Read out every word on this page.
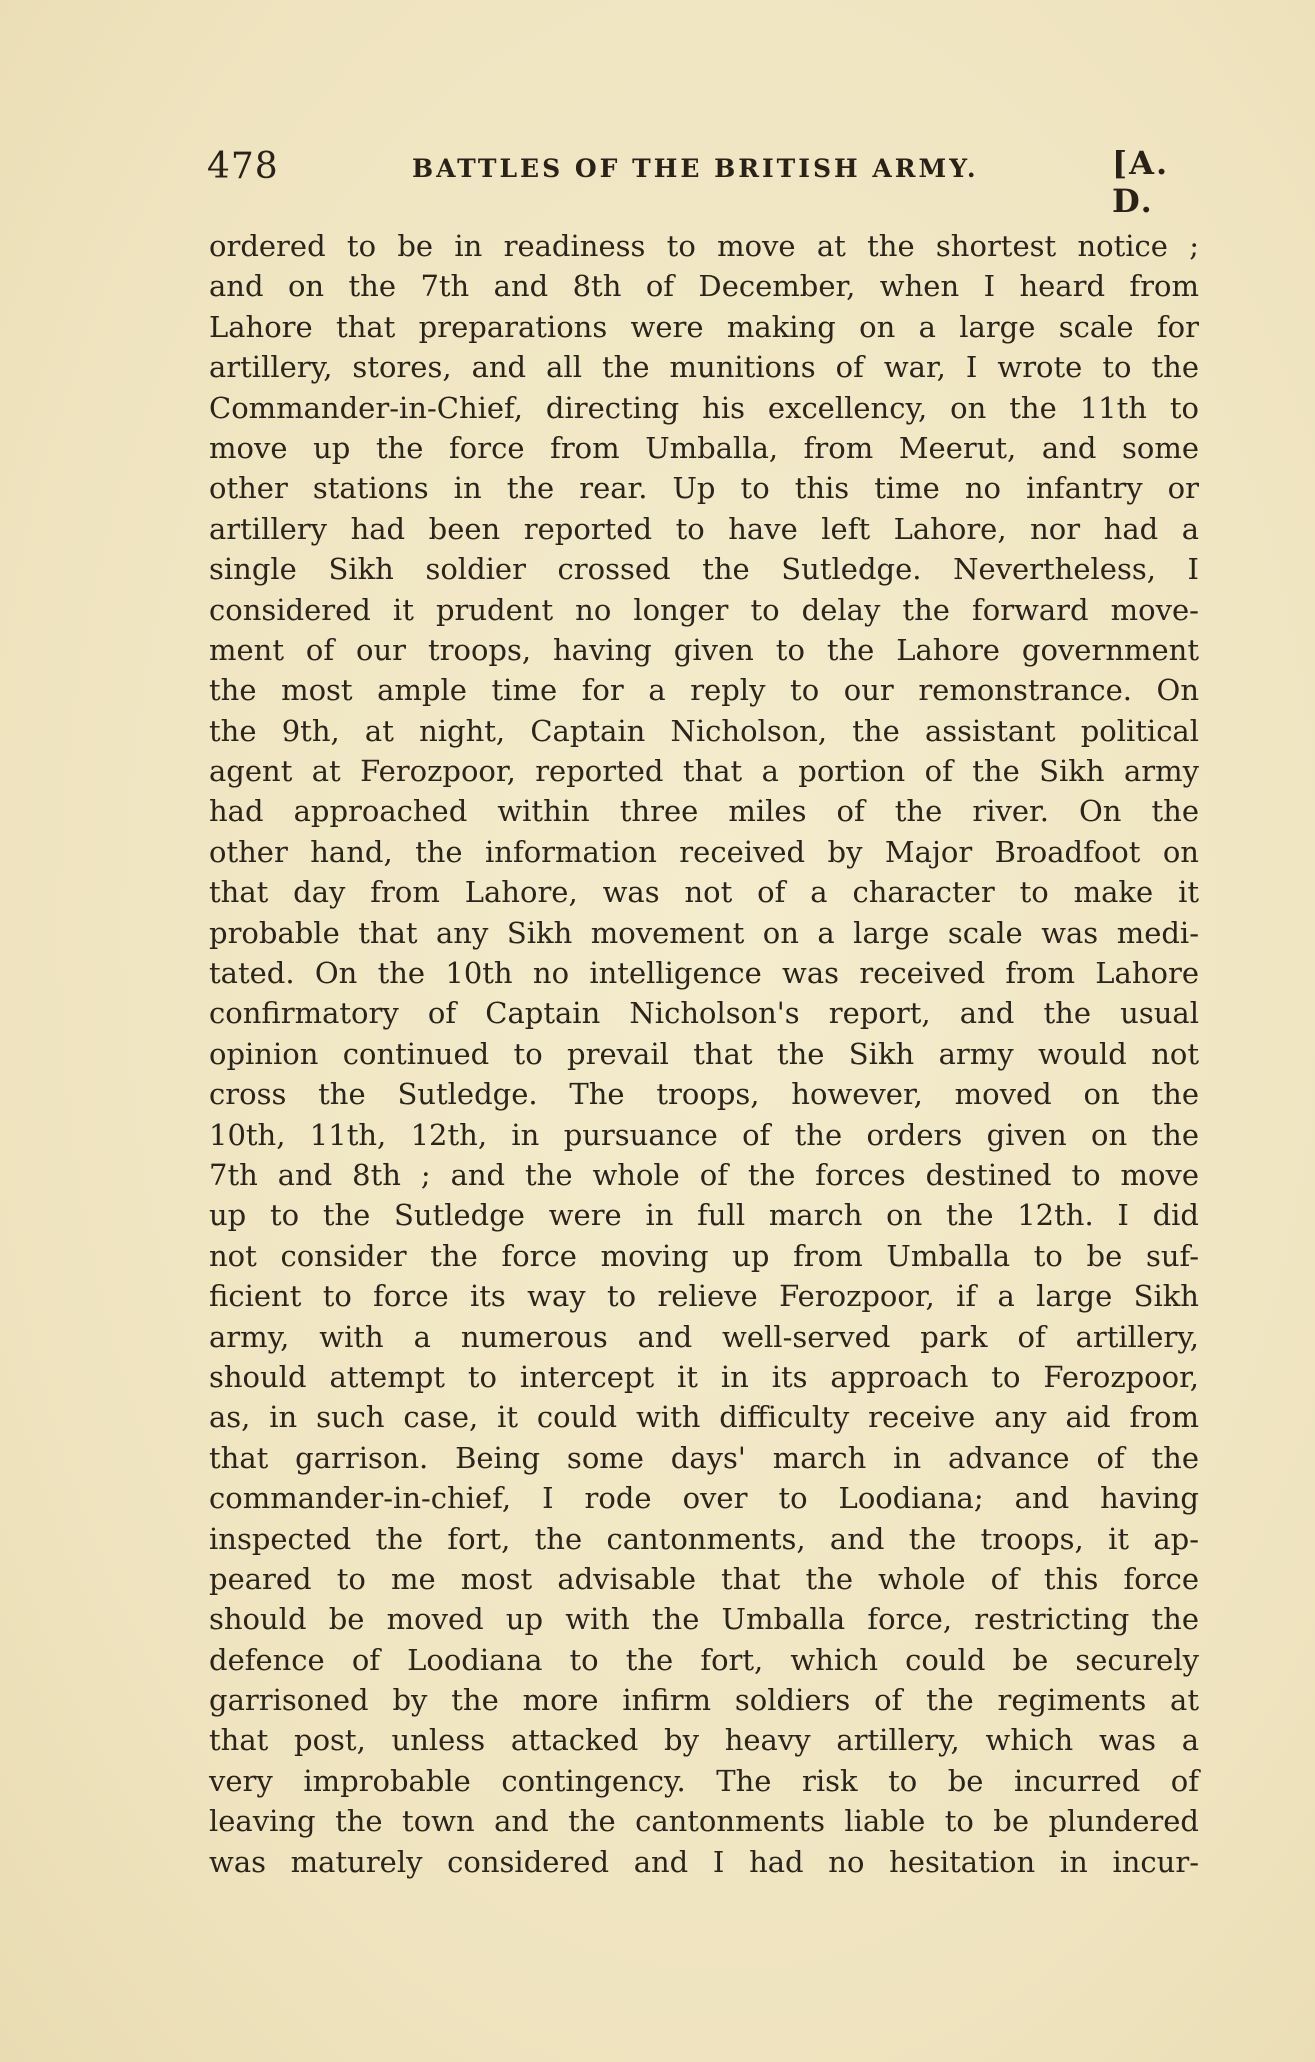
478	BATTLES OF THE BRITISH ARMY.	[A. D.
ordered to be in readiness to move at the shortest notice ;
and on the 7th and 8th of December, when I heard from
Lahore that preparations were making on a large scale for
artillery, stores, and all the munitions of war, I wrote to the
Commander-in-Chief, directing his excellency, on the 11th to
move up the force from Umballa, from Meerut, and some
other stations in the rear. Up to this time no infantry or
artillery had been reported to have left Lahore, nor had a
single Sikh soldier crossed the Sutledge. Nevertheless, I
considered it prudent no longer to delay the forward move-
ment of our troops, having given to the Lahore government
the most ample time for a reply to our remonstrance. On
the 9th, at night, Captain Nicholson, the assistant political
agent at Ferozpoor, reported that a portion of the Sikh army
had approached within three miles of the river. On the
other hand, the information received by Major Broadfoot on
that day from Lahore, was not of a character to make it
probable that any Sikh movement on a large scale was medi-
tated. On the 10th no intelligence was received from Lahore
confirmatory of Captain Nicholson's report, and the usual
opinion continued to prevail that the Sikh army would not
cross the Sutledge. The troops, however, moved on the
10th, 11th, 12th, in pursuance of the orders given on the
7th and 8th ; and the whole of the forces destined to move
up to the Sutledge were in full march on the 12th. I did
not consider the force moving up from Umballa to be suf-
ficient to force its way to relieve Ferozpoor, if a large Sikh
army, with a numerous and well-served park of artillery,
should attempt to intercept it in its approach to Ferozpoor,
as, in such case, it could with difficulty receive any aid from
that garrison. Being some days' march in advance of the
commander-in-chief, I rode over to Loodiana; and having
inspected the fort, the cantonments, and the troops, it ap-
peared to me most advisable that the whole of this force
should be moved up with the Umballa force, restricting the
defence of Loodiana to the fort, which could be securely
garrisoned by the more infirm soldiers of the regiments at
that post, unless attacked by heavy artillery, which was a
very improbable contingency. The risk to be incurred of
leaving the town and the cantonments liable to be plundered
was maturely considered and I had no hesitation in incur-
